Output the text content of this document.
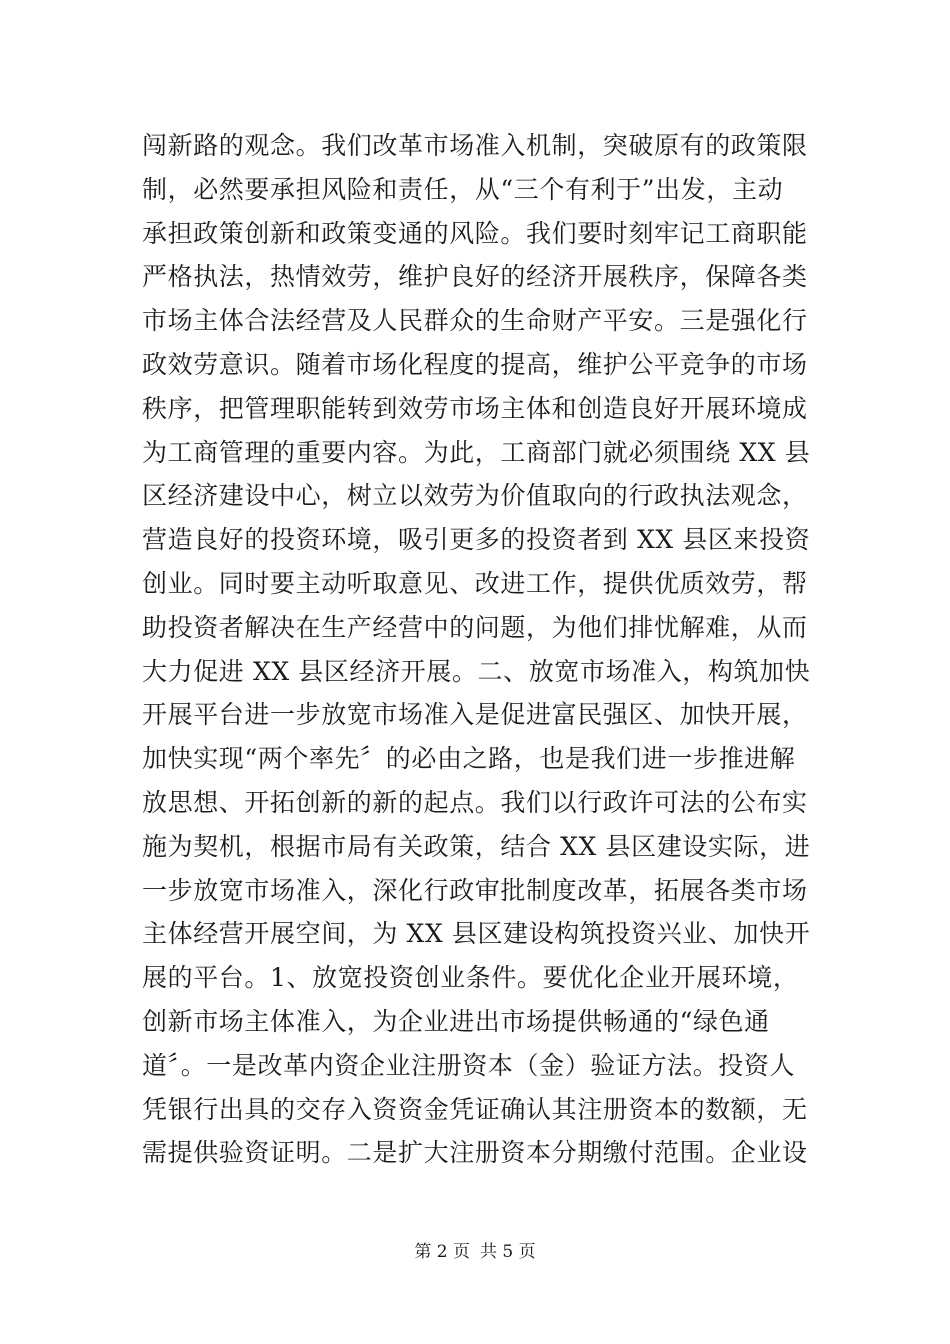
闯新路的观念。我们改革市场准入机制，突破原有的政策限
制，必然要承担风险和责任，从“三个有利于”出发，主动
承担政策创新和政策变通的风险。我们要时刻牢记工商职能
严格执法，热情效劳，维护良好的经济开展秩序，保障各类
市场主体合法经营及人民群众的生命财产平安。三是强化行
政效劳意识。随着市场化程度的提高，维护公平竞争的市场
秩序，把管理职能转到效劳市场主体和创造良好开展环境成
为工商管理的重要内容。为此，工商部门就必须围绕 XX 县
区经济建设中心，树立以效劳为价值取向的行政执法观念，
营造良好的投资环境，吸引更多的投资者到 XX 县区来投资
创业。同时要主动听取意见、改进工作，提供优质效劳，帮
助投资者解决在生产经营中的问题，为他们排忧解难，从而
大力促进 XX 县区经济开展。二、放宽市场准入，构筑加快
开展平台进一步放宽市场准入是促进富民强区、加快开展，
加快实现“两个率先〞的必由之路，也是我们进一步推进解
放思想、开拓创新的新的起点。我们以行政许可法的公布实
施为契机，根据市局有关政策，结合 XX 县区建设实际，进
一步放宽市场准入，深化行政审批制度改革，拓展各类市场
主体经营开展空间，为 XX 县区建设构筑投资兴业、加快开
展的平台。1、放宽投资创业条件。要优化企业开展环境，
创新市场主体准入，为企业进出市场提供畅通的“绿色通
道〞。一是改革内资企业注册资本（金）验证方法。投资人
凭银行出具的交存入资资金凭证确认其注册资本的数额，无
需提供验资证明。二是扩大注册资本分期缴付范围。企业设
第 2 页 共 5 页
